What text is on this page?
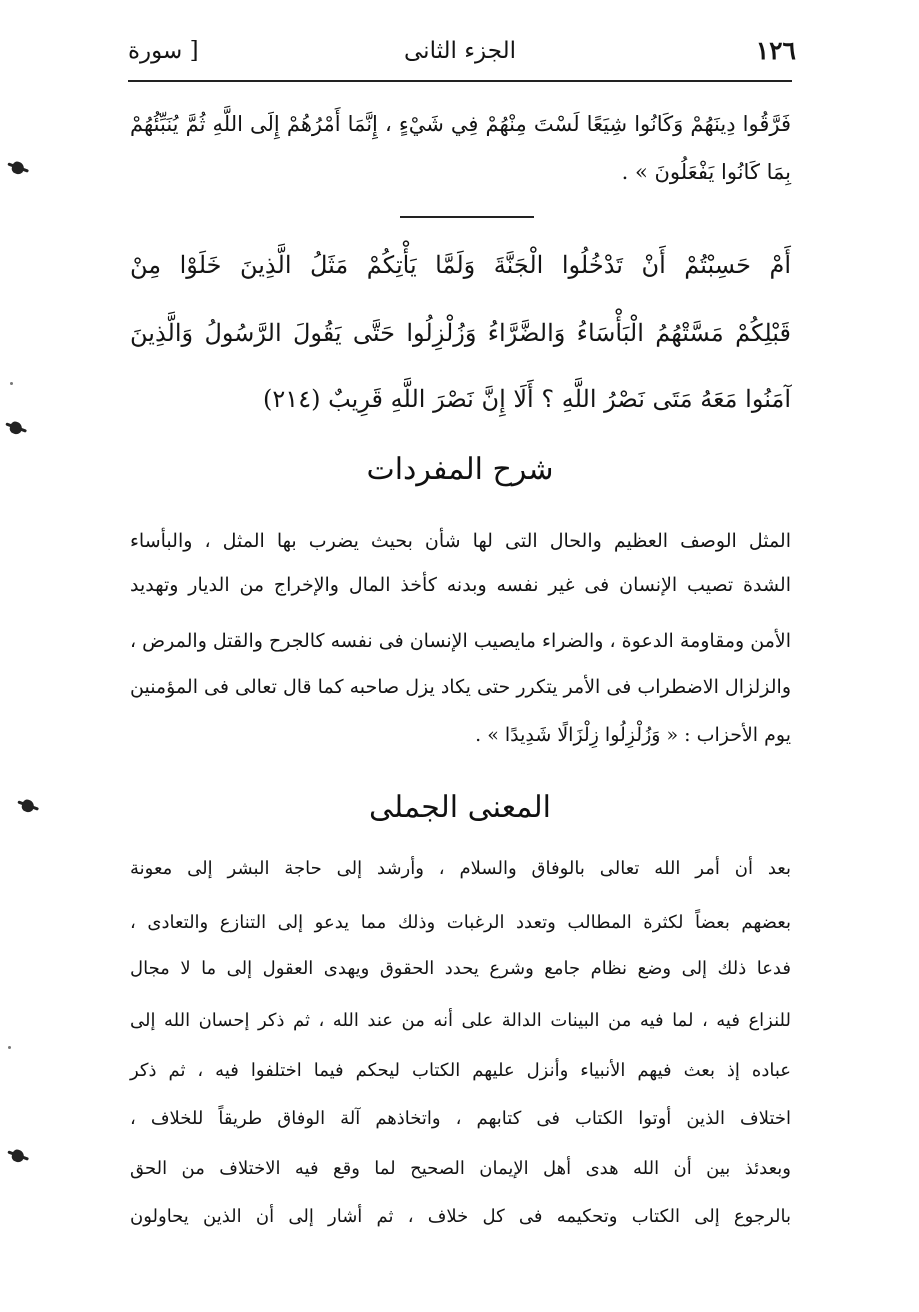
١٢٦
الجزء الثانى
[ سورة
فَرَّقُوا دِينَهُمْ وَكَانُوا شِيَعًا لَسْتَ مِنْهُمْ فِي شَيْءٍ ، إِنَّمَا أَمْرُهُمْ إِلَى اللَّهِ ثُمَّ يُنَبِّئُهُمْ
بِمَا كَانُوا يَفْعَلُونَ » .
أَمْ حَسِبْتُمْ أَنْ تَدْخُلُوا الْجَنَّةَ وَلَمَّا يَأْتِكُمْ مَثَلُ الَّذِينَ خَلَوْا مِنْ
قَبْلِكُمْ مَسَّتْهُمُ الْبَأْسَاءُ وَالضَّرَّاءُ وَزُلْزِلُوا حَتَّى يَقُولَ الرَّسُولُ وَالَّذِينَ
آمَنُوا مَعَهُ مَتَى نَصْرُ اللَّهِ ؟ أَلَا إِنَّ نَصْرَ اللَّهِ قَرِيبٌ (٢١٤)
شرح المفردات
المثل الوصف العظيم والحال التى لها شأن بحيث يضرب بها المثل ، والبأساء
الشدة تصيب الإنسان فى غير نفسه وبدنه كأخذ المال والإخراج من الديار وتهديد
الأمن ومقاومة الدعوة ، والضراء مايصيب الإنسان فى نفسه كالجرح والقتل والمرض ،
والزلزال الاضطراب فى الأمر يتكرر حتى يكاد يزل صاحبه كما قال تعالى فى المؤمنين
يوم الأحزاب : « وَزُلْزِلُوا زِلْزَالًا شَدِيدًا » .
المعنى الجملى
بعد أن أمر الله تعالى بالوفاق والسلام ، وأرشد إلى حاجة البشر إلى معونة
بعضهم بعضاً لكثرة المطالب وتعدد الرغبات وذلك مما يدعو إلى التنازع والتعادى ،
فدعا ذلك إلى وضع نظام جامع وشرع يحدد الحقوق ويهدى العقول إلى ما لا مجال
للنزاع فيه ، لما فيه من البينات الدالة على أنه من عند الله ، ثم ذكر إحسان الله إلى
عباده إذ بعث فيهم الأنبياء وأنزل عليهم الكتاب ليحكم فيما اختلفوا فيه ، ثم ذكر
اختلاف الذين أوتوا الكتاب فى كتابهم ، واتخاذهم آلة الوفاق طريقاً للخلاف ،
وبعدئذ بين أن الله هدى أهل الإيمان الصحيح لما وقع فيه الاختلاف من الحق
بالرجوع إلى الكتاب وتحكيمه فى كل خلاف ، ثم أشار إلى أن الذين يحاولون
